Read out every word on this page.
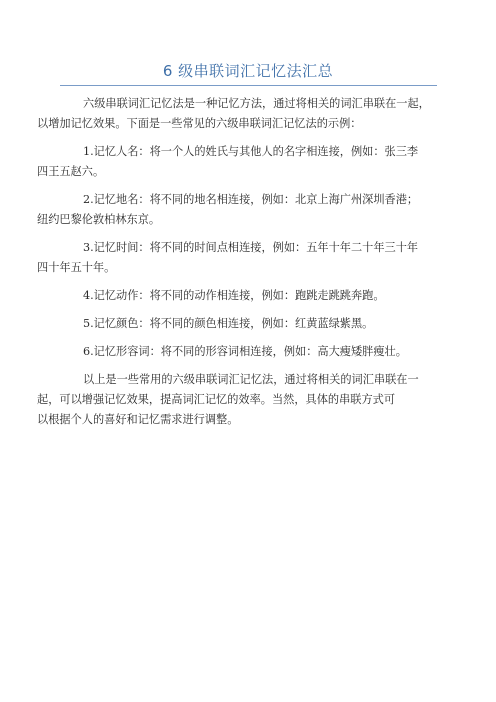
6 级串联词汇记忆法汇总

六级串联词汇记忆法是一种记忆方法，通过将相关的词汇串联在一起，
以增加记忆效果。下面是一些常见的六级串联词汇记忆法的示例：

1.记忆人名：将一个人的姓氏与其他人的名字相连接，例如：张三李
四王五赵六。

2.记忆地名：将不同的地名相连接，例如：北京上海广州深圳香港；
纽约巴黎伦敦柏林东京。

3.记忆时间：将不同的时间点相连接，例如：五年十年二十年三十年
四十年五十年。

4.记忆动作：将不同的动作相连接，例如：跑跳走跳跳奔跑。

5.记忆颜色：将不同的颜色相连接，例如：红黄蓝绿紫黑。

6.记忆形容词：将不同的形容词相连接，例如：高大瘦矮胖瘦壮。

以上是一些常用的六级串联词汇记忆法，通过将相关的词汇串联在一
起，可以增强记忆效果，提高词汇记忆的效率。当然，具体的串联方式可
以根据个人的喜好和记忆需求进行调整。
